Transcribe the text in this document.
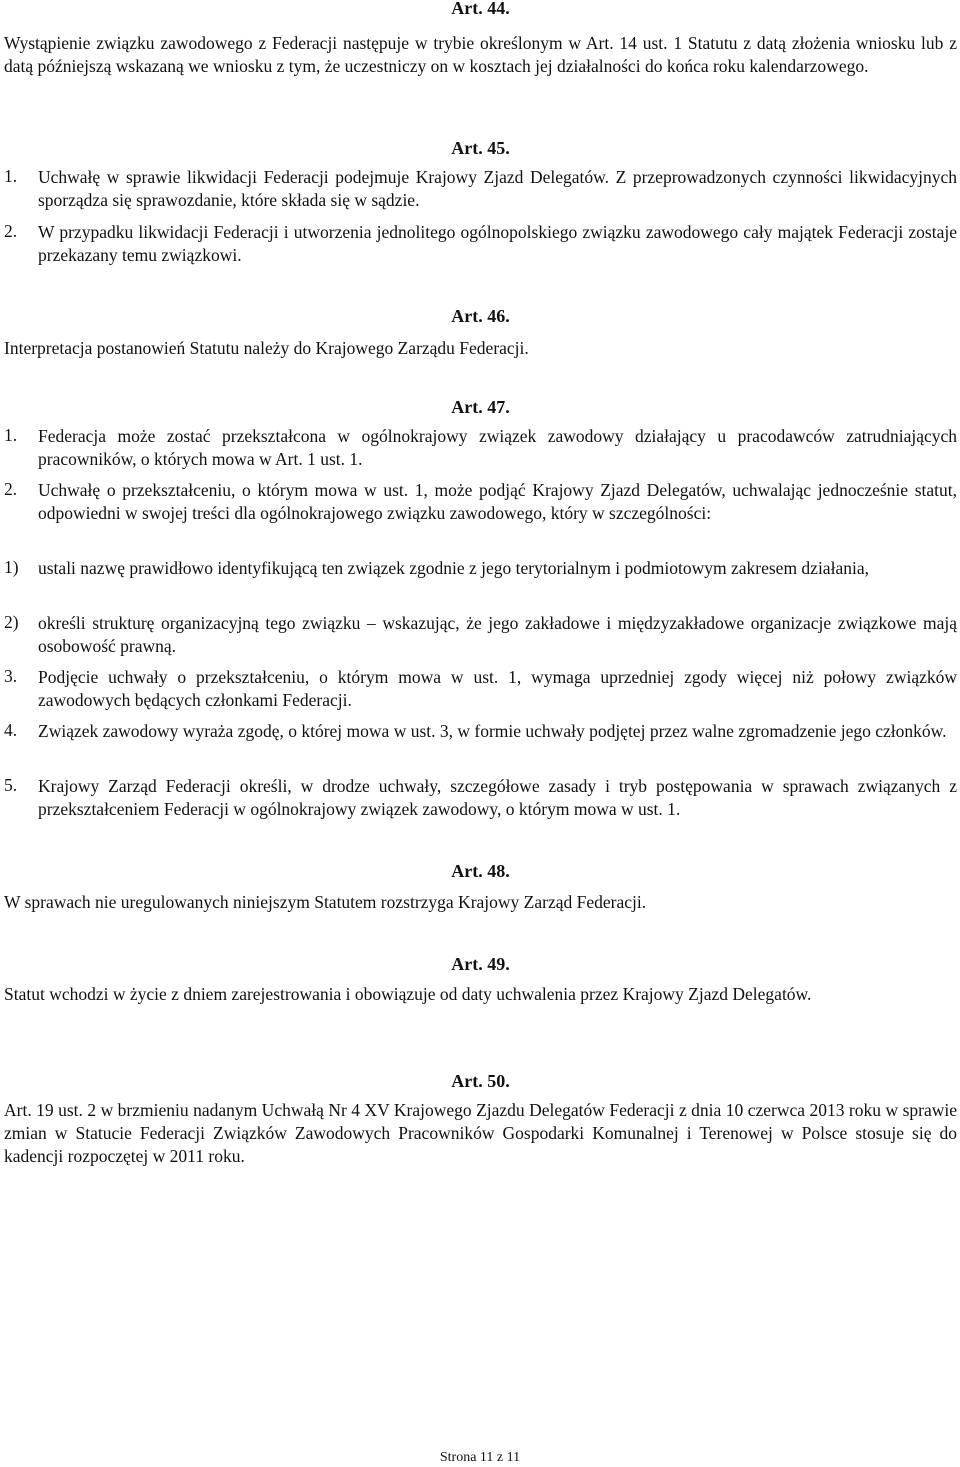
Art. 44.

Wystąpienie związku zawodowego z Federacji następuje w trybie określonym w Art. 14 ust. 1 Statutu z datą złożenia wniosku lub z datą późniejszą wskazaną we wniosku z tym, że uczestniczy on w kosztach jej działalności do końca roku kalendarzowego.

Art. 45.
1.	Uchwałę w sprawie likwidacji Federacji podejmuje Krajowy Zjazd Delegatów. Z przeprowadzonych czynności likwidacyjnych sporządza się sprawozdanie, które składa się w sądzie.
2.	W przypadku likwidacji Federacji i utworzenia jednolitego ogólnopolskiego związku zawodowego cały majątek Federacji zostaje przekazany temu związkowi.
Art. 46.

Interpretacja postanowień Statutu należy do Krajowego Zarządu Federacji.

Art. 47.
1.	Federacja może zostać przekształcona w ogólnokrajowy związek zawodowy działający u pracodawców zatrudniających pracowników, o których mowa w Art. 1 ust. 1.
2.	Uchwałę o przekształceniu, o którym mowa w ust. 1, może podjąć Krajowy Zjazd Delegatów, uchwalając jednocześnie statut, odpowiedni w swojej treści dla ogólnokrajowego związku zawodowego, który w szczególności:
1)	ustali nazwę prawidłowo identyfikującą ten związek zgodnie z jego terytorialnym i podmiotowym zakresem działania,
2)	określi strukturę organizacyjną tego związku – wskazując, że jego zakładowe i międzyzakładowe organizacje związkowe mają osobowość prawną.
3.	Podjęcie uchwały o przekształceniu, o którym mowa w ust. 1, wymaga uprzedniej zgody więcej niż połowy związków zawodowych będących członkami Federacji.
4.	Związek zawodowy wyraża zgodę, o której mowa w ust. 3, w formie uchwały podjętej przez walne zgromadzenie jego członków.
5.	Krajowy Zarząd Federacji określi, w drodze uchwały, szczegółowe zasady i tryb postępowania w sprawach związanych z przekształceniem Federacji w ogólnokrajowy związek zawodowy, o którym mowa w ust. 1.
Art. 48.

W sprawach nie uregulowanych niniejszym Statutem rozstrzyga Krajowy Zarząd Federacji.

Art. 49.

Statut wchodzi w życie z dniem zarejestrowania i obowiązuje od daty uchwalenia przez Krajowy Zjazd Delegatów.

Art. 50.

Art. 19 ust. 2 w brzmieniu nadanym Uchwałą Nr 4 XV Krajowego Zjazdu Delegatów Federacji z dnia 10 czerwca 2013 roku w sprawie zmian w Statucie Federacji Związków Zawodowych Pracowników Gospodarki Komunalnej i Terenowej w Polsce stosuje się do kadencji rozpoczętej w 2011 roku.

Strona 11 z 11
